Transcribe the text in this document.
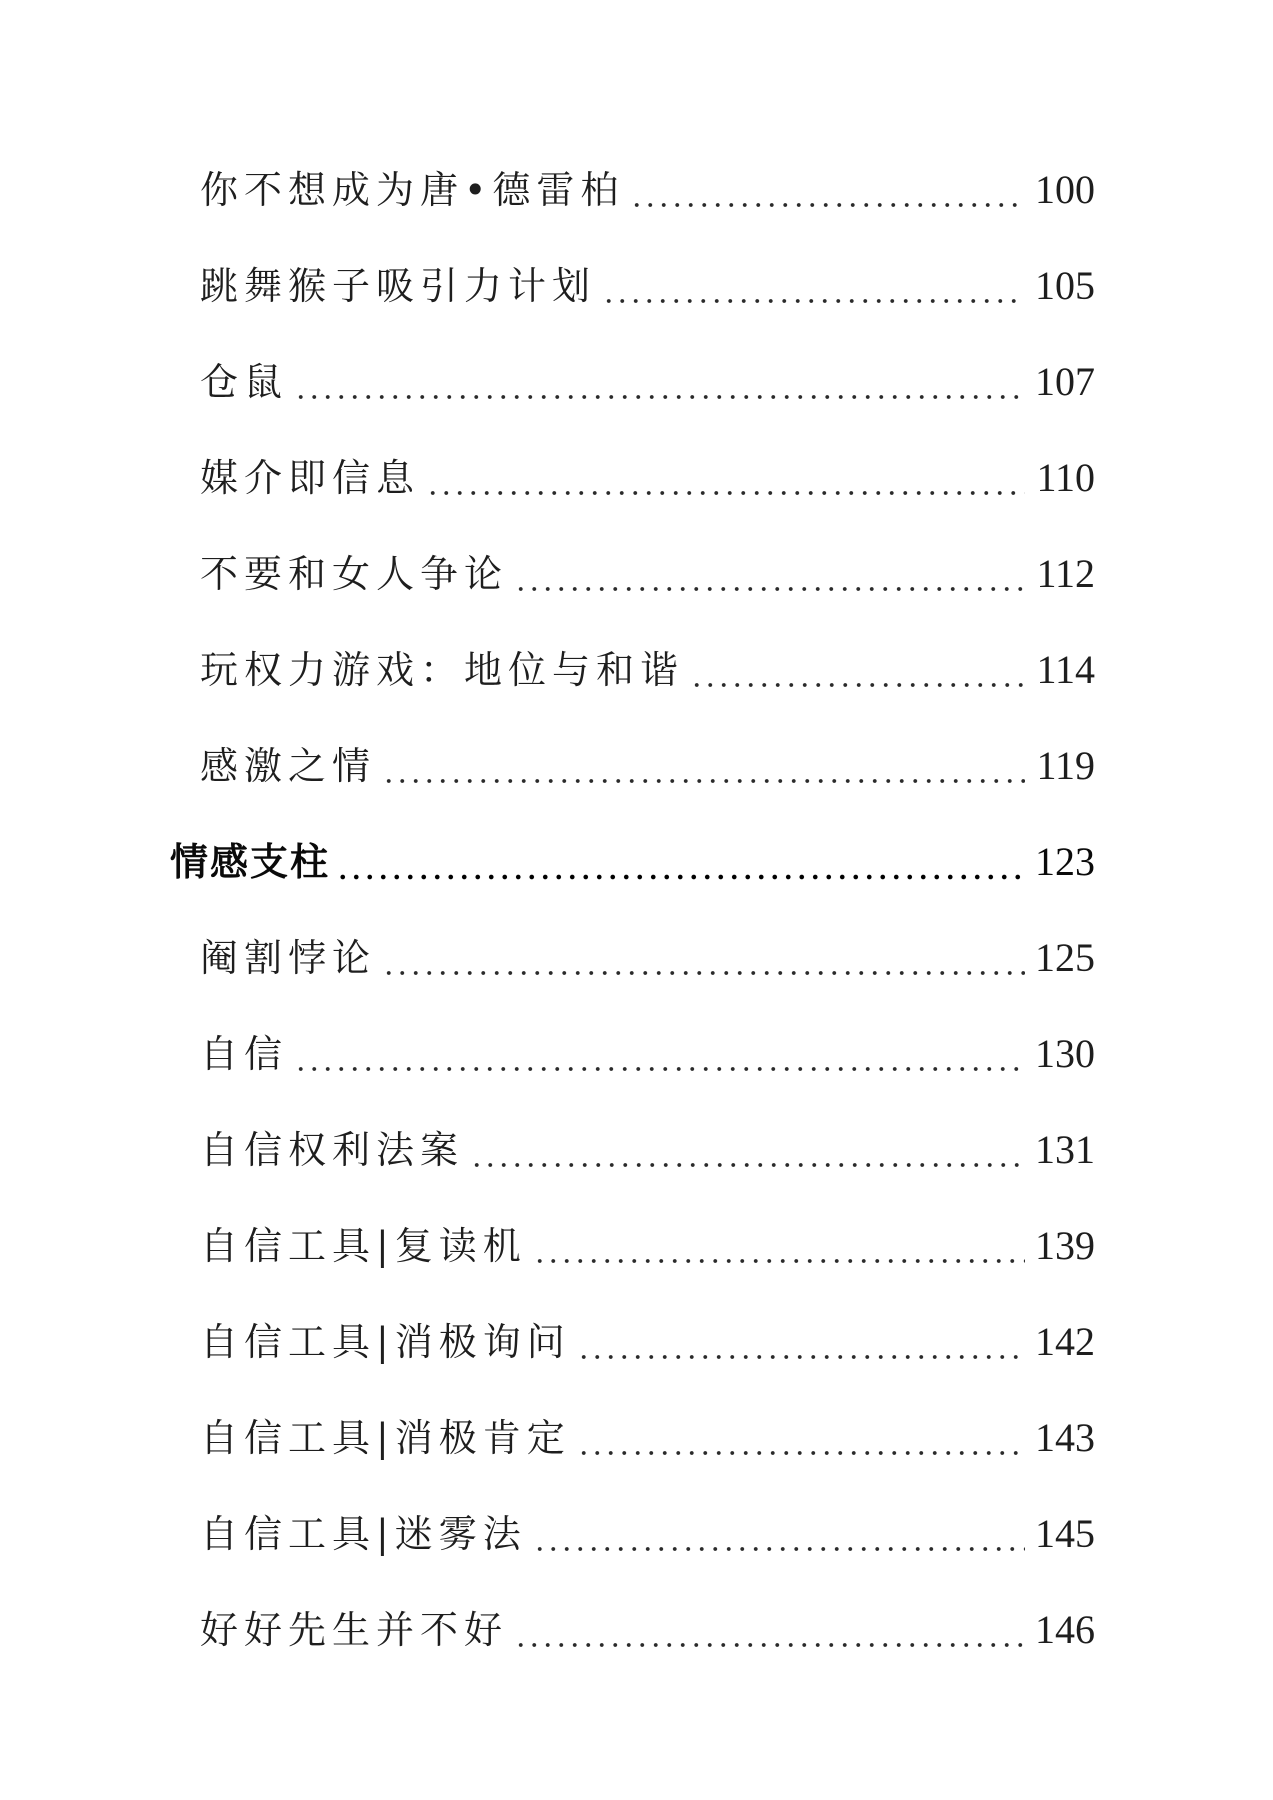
你不想成为唐•德雷柏	100
跳舞猴子吸引力计划	105
仓鼠	107
媒介即信息	110
不要和女人争论	112
玩权力游戏：地位与和谐	114
感激之情	119
情感支柱	123
阉割悖论	125
自信	130
自信权利法案	131
自信工具|复读机	139
自信工具|消极询问	142
自信工具|消极肯定	143
自信工具|迷雾法	145
好好先生并不好	146
